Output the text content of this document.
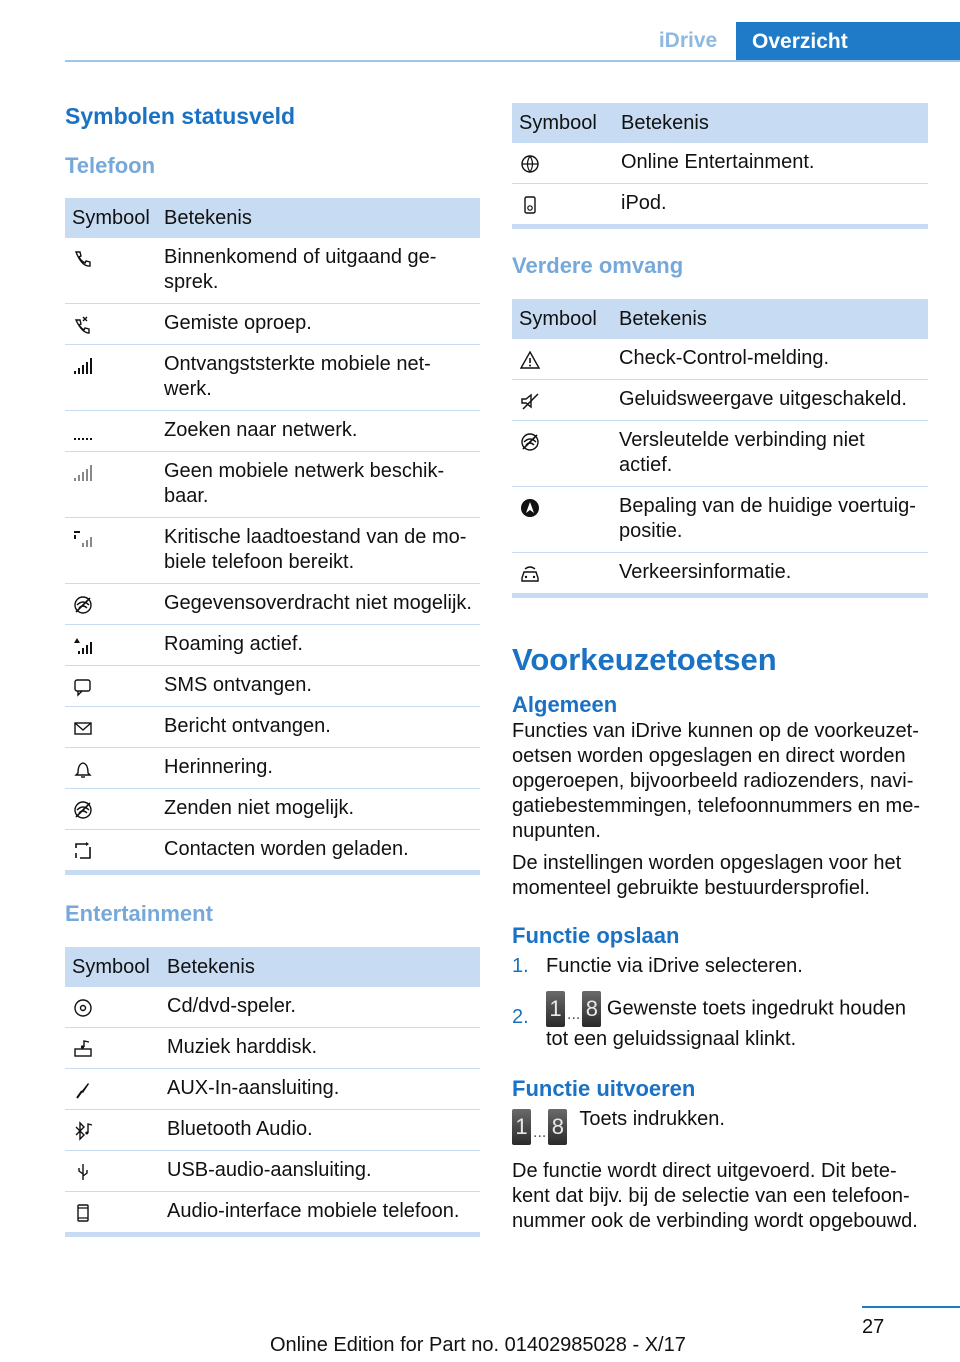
iDrive	Overzicht
Symbolen statusveld
Telefoon
Symbool	Betekenis
	Binnenkomend of uitgaand ge-
sprek.
	Gemiste oproep.
	Ontvangststerkte mobiele net-
werk.
	Zoeken naar netwerk.
	Geen mobiele netwerk beschik-
baar.
	Kritische laadtoestand van de mo-
biele telefoon bereikt.
	Gegevensoverdracht niet mogelijk.
	Roaming actief.
	SMS ontvangen.
	Bericht ontvangen.
	Herinnering.
	Zenden niet mogelijk.
	Contacten worden geladen.
Entertainment
Symbool	Betekenis
	Cd/dvd-speler.
	Muziek harddisk.
	AUX-In-aansluiting.
	Bluetooth Audio.
	USB-audio-aansluiting.
	Audio-interface mobiele telefoon.
Symbool	Betekenis
	Online Entertainment.
	iPod.
Verdere omvang
Symbool	Betekenis
	Check-Control-melding.
	Geluidsweergave uitgeschakeld.
	Versleutelde verbinding niet actief.
	Bepaling van de huidige voertuig-
positie.
	Verkeersinformatie.
Voorkeuzetoetsen
Algemeen
Functies van iDrive kunnen op de voorkeuzet-
oetsen worden opgeslagen en direct worden
opgeroepen, bijvoorbeeld radiozenders, navi-
gatiebestemmingen, telefoonnummers en me-
nupunten.
De instellingen worden opgeslagen voor het
momenteel gebruikte bestuurdersprofiel.
Functie opslaan
1. Functie via iDrive selecteren.
2. 1 ... 8 Gewenste toets ingedrukt houden
tot een geluidssignaal klinkt.
Functie uitvoeren
1 ... 8 Toets indrukken.
De functie wordt direct uitgevoerd. Dit bete-
kent dat bijv. bij de selectie van een telefoon-
nummer ook de verbinding wordt opgebouwd.
27
Online Edition for Part no. 01402985028 - X/17
